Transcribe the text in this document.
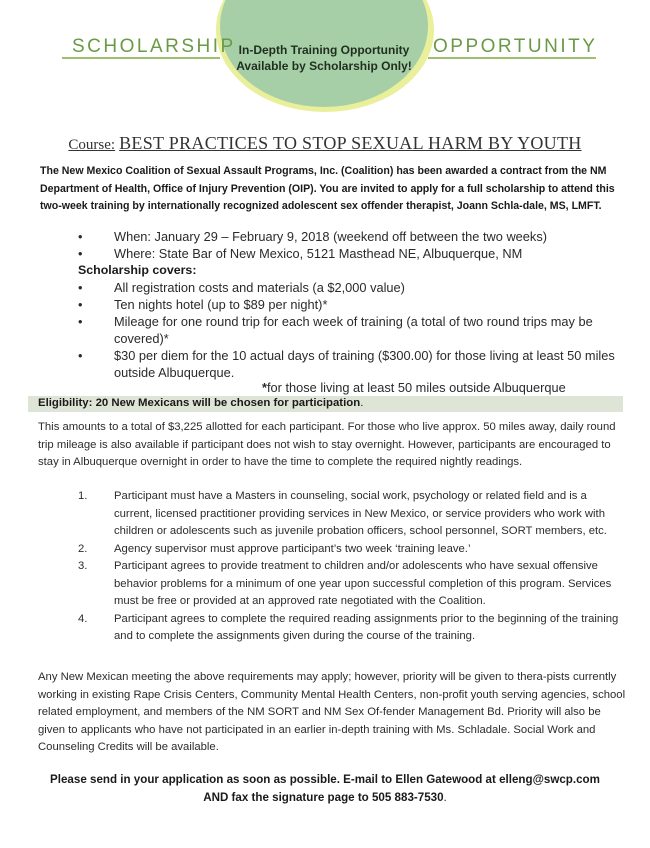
SCHOLARSHIP	OPPORTUNITY
In-Depth Training Opportunity
Available by Scholarship Only!
Course: BEST PRACTICES TO STOP SEXUAL HARM BY YOUTH
The New Mexico Coalition of Sexual Assault Programs, Inc. (Coalition) has been awarded a contract from the NM Department of Health, Office of Injury Prevention (OIP). You are invited to apply for a full scholarship to attend this two-week training by internationally recognized adolescent sex offender therapist, Joann Schla-dale, MS, LMFT.
• When: January 29 – February 9, 2018 (weekend off between the two weeks)
• Where: State Bar of New Mexico, 5121 Masthead NE, Albuquerque, NM
Scholarship covers:
• All registration costs and materials (a $2,000 value)
• Ten nights hotel (up to $89 per night)*
• Mileage for one round trip for each week of training (a total of two round trips may be covered)*
• $30 per diem for the 10 actual days of training ($300.00) for those living at least 50 miles outside Albuquerque.
*for those living at least 50 miles outside Albuquerque
Eligibility: 20 New Mexicans will be chosen for participation.
This amounts to a total of $3,225 allotted for each participant. For those who live approx. 50 miles away, daily round trip mileage is also available if participant does not wish to stay overnight. However, participants are encouraged to stay in Albuquerque overnight in order to have the time to complete the required nightly readings.
1. Participant must have a Masters in counseling, social work, psychology or related field and is a current, licensed practitioner providing services in New Mexico, or service providers who work with children or adolescents such as juvenile probation officers, school personnel, SORT members, etc.
2. Agency supervisor must approve participant’s two week ‘training leave.’
3. Participant agrees to provide treatment to children and/or adolescents who have sexual offensive behavior problems for a minimum of one year upon successful completion of this program. Services must be free or provided at an approved rate negotiated with the Coalition.
4. Participant agrees to complete the required reading assignments prior to the beginning of the training and to complete the assignments given during the course of the training.
Any New Mexican meeting the above requirements may apply; however, priority will be given to thera-pists currently working in existing Rape Crisis Centers, Community Mental Health Centers, non-profit youth serving agencies, school related employment, and members of the NM SORT and NM Sex Of-fender Management Bd. Priority will also be given to applicants who have not participated in an earlier in-depth training with Ms. Schladale. Social Work and Counseling Credits will be available.
Please send in your application as soon as possible. E-mail to Ellen Gatewood at elleng@swcp.com
AND fax the signature page to 505 883-7530.
